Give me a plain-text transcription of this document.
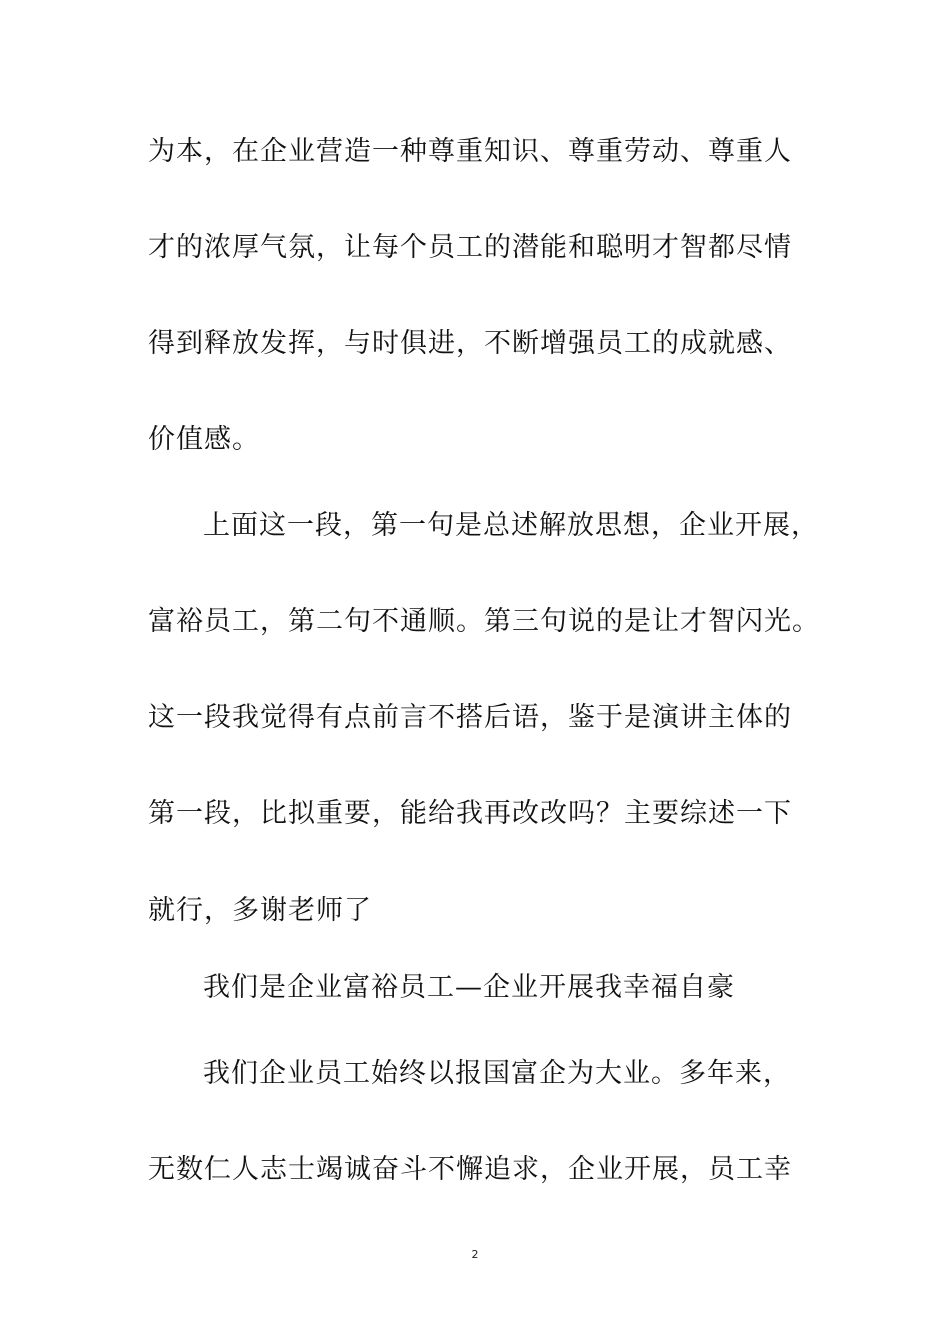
为本，在企业营造一种尊重知识、尊重劳动、尊重人
才的浓厚气氛，让每个员工的潜能和聪明才智都尽情
得到释放发挥，与时俱进，不断增强员工的成就感、
价值感。
上面这一段，第一句是总述解放思想，企业开展，
富裕员工，第二句不通顺。第三句说的是让才智闪光。
这一段我觉得有点前言不搭后语，鉴于是演讲主体的
第一段，比拟重要，能给我再改改吗？主要综述一下
就行，多谢老师了
我们是企业富裕员工—企业开展我幸福自豪
我们企业员工始终以报国富企为大业。多年来，
无数仁人志士竭诚奋斗不懈追求，企业开展，员工幸
2
